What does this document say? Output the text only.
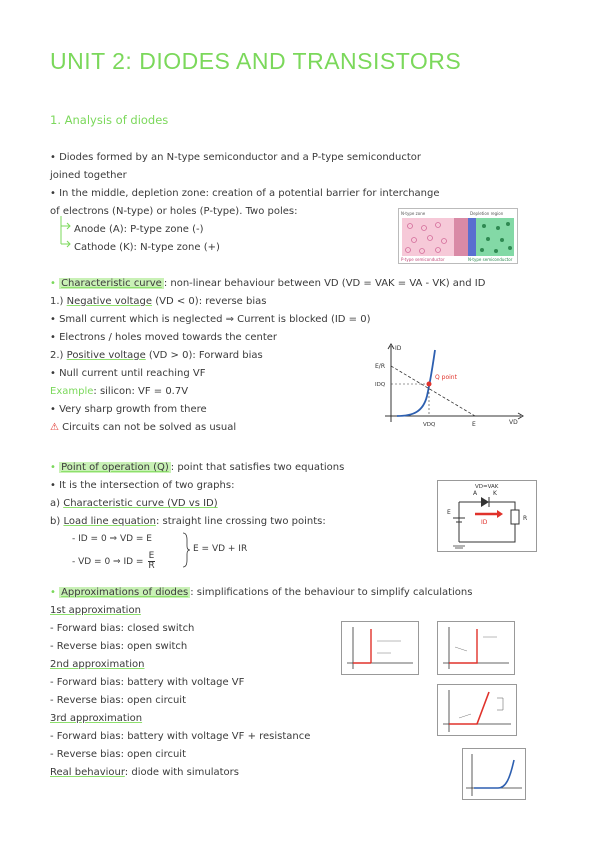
UNIT 2: DIODES AND TRANSISTORS
1. Analysis of diodes
• Diodes formed by an N-type semiconductor and a P-type semiconductor
joined together
• In the middle, depletion zone: creation of a potential barrier for interchange
of electrons (N-type) or holes (P-type). Two poles:
Anode (A): P-type zone (-)
Cathode (K): N-type zone (+)
N-type zone	Depletion region
P-type semiconductor	N-type semiconductor
• Characteristic curve : non-linear behaviour between VD (VD = VAK = VA - VK) and ID
1.) Negative voltage (VD < 0): reverse bias
• Small current which is neglected ⇒ Current is blocked (ID = 0)
• Electrons / holes moved towards the center
2.) Positive voltage (VD > 0): Forward bias
• Null current until reaching VF
Example: silicon: VF = 0.7V
• Very sharp growth from there
⚠ Circuits can not be solved as usual
ID
E/R
IDQ
Q point
VDQ	E	VD
• Point of operation (Q) : point that satisfies two equations
• It is the intersection of two graphs:
a) Characteristic curve (VD vs ID)
b) Load line equation: straight line crossing two points:
- ID = 0 ⇒ VD = E
- VD = 0 ⇒ ID = $\frac{E}{R}$
E = VD + IR
VD=VAK
A	K
E
ID
R
• Approximations of diodes : simplifications of the behaviour to simplify calculations
1st approximation
- Forward bias: closed switch
- Reverse bias: open switch
2nd approximation
- Forward bias: battery with voltage VF
- Reverse bias: open circuit
3rd approximation
- Forward bias: battery with voltage VF + resistance
- Reverse bias: open circuit
Real behaviour: diode with simulators
